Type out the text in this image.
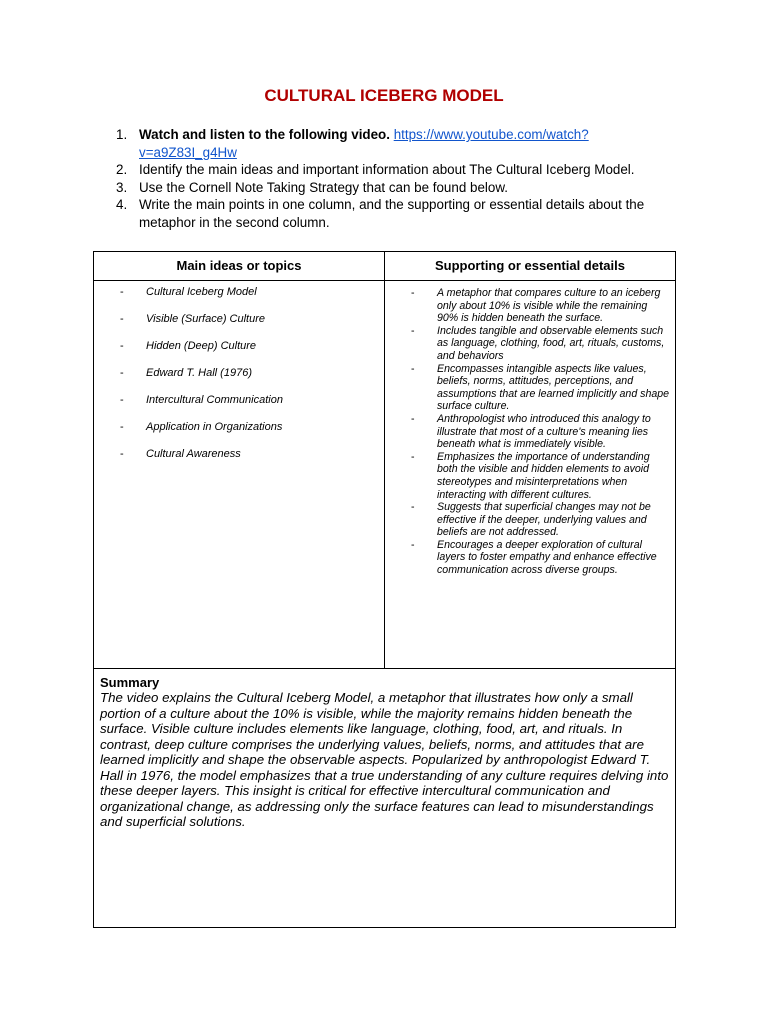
CULTURAL ICEBERG MODEL
1. Watch and listen to the following video. https://www.youtube.com/watch?v=a9Z83I_g4Hw
2. Identify the main ideas and important information about The Cultural Iceberg Model.
3. Use the Cornell Note Taking Strategy that can be found below.
4. Write the main points in one column, and the supporting or essential details about the metaphor in the second column.
Main ideas or topics	Supporting or essential details
- Cultural Iceberg Model
- Visible (Surface) Culture
- Hidden (Deep) Culture
- Edward T. Hall (1976)
- Intercultural Communication
- Application in Organizations
- Cultural Awareness
- A metaphor that compares culture to an iceberg only about 10% is visible while the remaining 90% is hidden beneath the surface.
- Includes tangible and observable elements such as language, clothing, food, art, rituals, customs, and behaviors
- Encompasses intangible aspects like values, beliefs, norms, attitudes, perceptions, and assumptions that are learned implicitly and shape surface culture.
- Anthropologist who introduced this analogy to illustrate that most of a culture's meaning lies beneath what is immediately visible.
- Emphasizes the importance of understanding both the visible and hidden elements to avoid stereotypes and misinterpretations when interacting with different cultures.
- Suggests that superficial changes may not be effective if the deeper, underlying values and beliefs are not addressed.
- Encourages a deeper exploration of cultural layers to foster empathy and enhance effective communication across diverse groups.
Summary
The video explains the Cultural Iceberg Model, a metaphor that illustrates how only a small portion of a culture about the 10% is visible, while the majority remains hidden beneath the surface. Visible culture includes elements like language, clothing, food, art, and rituals. In contrast, deep culture comprises the underlying values, beliefs, norms, and attitudes that are learned implicitly and shape the observable aspects. Popularized by anthropologist Edward T. Hall in 1976, the model emphasizes that a true understanding of any culture requires delving into these deeper layers. This insight is critical for effective intercultural communication and organizational change, as addressing only the surface features can lead to misunderstandings and superficial solutions.
